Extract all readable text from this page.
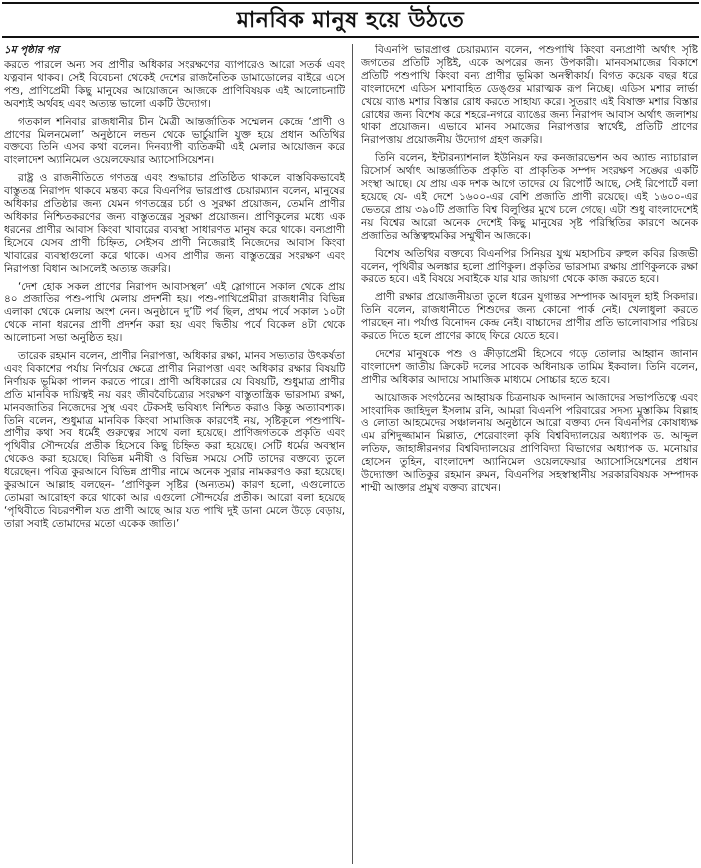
মানবিক মানুষ হয়ে উঠতে
১ম পৃষ্ঠার পর

করতে পারলে অন্য সব প্রাণীর অধিকার সংরক্ষণের ব্যাপারেও আরো সতর্ক এবং যত্নবান থাকব। সেই বিবেচনা থেকেই দেশের রাজনৈতিক ডামাডোলের বাইরে এসে পশু, প্রাণিপ্রেমী কিছু মানুষের আয়োজনে আজকে প্রাণিবিষয়ক এই আলোচনাটি অবশ্যই অর্থবহ এবং অত্যন্ত ভালো একটি উদ্যোগ।

গতকাল শনিবার রাজধানীর চীন মৈত্রী আন্তর্জাতিক সম্মেলন কেন্দ্রে ‘প্রাণী ও প্রাণের মিলনমেলা’ অনুষ্ঠানে লন্ডন থেকে ভার্চুয়ালি যুক্ত হয়ে প্রধান অতিথির বক্তব্যে তিনি এসব কথা বলেন। দিনব্যাপী ব্যতিক্রমী এই মেলার আয়োজন করে বাংলাদেশ অ্যানিমেল ওয়েলফেয়ার অ্যাসোসিয়েশন।

রাষ্ট্র ও রাজনীতিতে গণতন্ত্র এবং শুদ্ধাচার প্রতিষ্ঠিত থাকলে বাস্তবিকভাবেই বাস্তুতন্ত্র নিরাপদ থাকবে মন্তব্য করে বিএনপির ভারপ্রাপ্ত চেয়ারম্যান বলেন, মানুষের অধিকার প্রতিষ্ঠার জন্য যেমন গণতন্ত্রের চর্চা ও সুরক্ষা প্রয়োজন, তেমনি প্রাণীর অধিকার নিশ্চিতকরণের জন্য বাস্তুতন্ত্রের সুরক্ষা প্রয়োজন। প্রাণিকুলের মধ্যে এক ধরনের প্রাণীর আবাস কিংবা খাবারের ব্যবস্থা সাধারণত মানুষ করে থাকে। বন্যপ্রাণী হিসেবে যেসব প্রাণী চিহ্নিত, সেইসব প্রাণী নিজেরাই নিজেদের আবাস কিংবা খাবারের ব্যবস্থাগুলো করে থাকে। এসব প্রাণীর জন্য বাস্তুতন্ত্রের সংরক্ষণ এবং নিরাপত্তা বিধান আসলেই অত্যন্ত জরুরি।

‘দেশ হোক সকল প্রাণের নিরাপদ আবাসস্থল’ এই স্লোগানে সকাল থেকে প্রায় ৪০ প্রজাতির পশু-পাখি মেলায় প্রদর্শনী হয়। পশু-পাখিপ্রেমীরা রাজধানীর বিভিন্ন এলাকা থেকে মেলায় অংশ নেন। অনুষ্ঠানে দু’টি পর্ব ছিল, প্রথম পর্বে সকাল ১০টা থেকে নানা ধরনের প্রাণী প্রদর্শন করা হয় এবং দ্বিতীয় পর্বে বিকেল ৪টা থেকে আলোচনা সভা অনুষ্ঠিত হয়।

তারেক রহমান বলেন, প্রাণীর নিরাপত্তা, অধিকার রক্ষা, মানব সভ্যতার উৎকর্ষতা এবং বিকাশের পর্যায় নির্ণয়ের ক্ষেত্রে প্রাণীর নিরাপত্তা এবং অধিকার রক্ষার বিষয়টি নির্ণায়ক ভূমিকা পালন করতে পারে। প্রাণী অধিকারের যে বিষয়টি, শুধুমাত্র প্রাণীর প্রতি মানবিক দায়িত্বই নয় বরং জীববৈচিত্র্যের সংরক্ষণ বাস্তুতান্ত্রিক ভারসাম্য রক্ষা, মানবজাতির নিজেদের সুস্থ এবং টেকসই ভবিষ্যৎ নিশ্চিত করাও কিন্তু অত্যাবশ্যক। তিনি বলেন, শুধুমাত্র মানবিক কিংবা সামাজিক কারণেই নয়, সৃষ্টিকূলে পশুপাখি-প্রাণীর কথা সব ধর্মেই গুরুত্বের সাথে বলা হয়েছে। প্রাণিজগতকে প্রকৃতি এবং পৃথিবীর সৌন্দর্যের প্রতীক হিসেবে কিছু চিহ্নিত করা হয়েছে। সেটি ধর্মের অবস্থান থেকেও করা হয়েছে। বিভিন্ন মনীষী ও বিভিন্ন সময়ে সেটি তাদের বক্তব্যে তুলে ধরেছেন। পবিত্র কুরআনে বিভিন্ন প্রাণীর নামে অনেক সুরার নামকরণও করা হয়েছে। কুরআনে আল্লাহ বলছেন- ‘প্রাণিকুল সৃষ্টির (অন্যতম) কারণ হলো, এগুলোতে তোমরা আরোহণ করে থাকো আর এগুলো সৌন্দর্যের প্রতীক। আরো বলা হয়েছে ‘পৃথিবীতে বিচরণশীল যত প্রাণী আছে আর যত পাখি দুই ডানা মেলে উড়ে বেড়ায়, তারা সবাই তোমাদের মতো একেক জাতি।’

বিএনপি ভারপ্রাপ্ত চেয়ারম্যান বলেন, পশুপাখি কিংবা বন্যপ্রাণী অর্থাৎ সৃষ্টি জগতের প্রতিটি সৃষ্টিই, একে অপরের জন্য উপকারী। মানবসমাজের বিকাশে প্রতিটি পশুপাখি কিংবা বন্য প্রাণীর ভূমিকা অনস্বীকার্য। বিগত কয়েক বছর ধরে বাংলাদেশে এডিস মশাবাহিত ডেঙ্গুর মারাত্মক রূপ নিচ্ছে। এডিস মশার লার্ভা খেয়ে ব্যাঙ মশার বিস্তার রোধ করতে সাহায্য করে। সুতরাং এই বিষাক্ত মশার বিস্তার রোধের জন্য বিশেষ করে শহরে-নগরে ব্যাঙের জন্য নিরাপদ আবাস অর্থাৎ জলাশয় থাকা প্রয়োজন। এভাবে মানব সমাজের নিরাপত্তার স্বার্থেই, প্রতিটি প্রাণের নিরাপত্তায় প্রয়োজনীয় উদ্যোগ গ্রহণ জরুরি।

তিনি বলেন, ইন্টারন্যাশনাল ইউনিয়ন ফর কনজারভেশন অব অ্যান্ড ন্যাচারাল রিসোর্স অর্থাৎ আন্তর্জাতিক প্রকৃতি বা প্রাকৃতিক সম্পদ সংরক্ষণ সঙ্ঘের একটি সংস্থা আছে। যে প্রায় এক দশক আগে তাদের যে রিপোর্ট আছে, সেই রিপোর্টে বলা হয়েছে যে- এই দেশে ১৬০০-এর বেশি প্রজাতি প্রাণী রয়েছে। এই ১৬০০-এর ভেতরে প্রায় ৩৯০টি প্রজাতি বিশ্ব বিলুপ্তির মুখে চলে গেছে। এটা শুধু বাংলাদেশেই নয় বিশ্বের আরো অনেক দেশেই কিছু মানুষের সৃষ্ট পরিস্থিতির কারণে অনেক প্রজাতির অস্তিত্বহুমকির সম্মুখীন আজকে।

বিশেষ অতিথির বক্তব্যে বিএনপির সিনিয়র যুগ্ম মহাসচিব রুহুল কবির রিজভী বলেন, পৃথিবীর অলঙ্কার হলো প্রাণিকুল। প্রকৃতির ভারসাম্য রক্ষায় প্রাণিকুলকে রক্ষা করতে হবে। এই বিষয়ে সবাইকে যার যার জায়গা থেকে কাজ করতে হবে।

প্রাণী রক্ষার প্রয়োজনীয়তা তুলে ধরেন যুগান্তর সম্পাদক আবদুল হাই সিকদার। তিনি বলেন, রাজধানীতে শিশুদের জন্য কোনো পার্ক নেই। খেলাধুলা করতে পারছেন না। পর্যাপ্ত বিনোদন কেন্দ্র নেই। বাচ্চাদের প্রাণীর প্রতি ভালোবাসার পরিচয় করতে দিতে হলে প্রাণের কাছে ফিরে যেতে হবে।

দেশের মানুষকে পশু ও ক্রীড়াপ্রেমী হিসেবে গড়ে তোলার আহ্বান জানান বাংলাদেশ জাতীয় ক্রিকেট দলের সাবেক অধিনায়ক তামিম ইকবাল। তিনি বলেন, প্রাণীর অধিকার আদায়ে সামাজিক মাধ্যমে সোচ্চার হতে হবে।

আয়োজক সংগঠনের আহ্বায়ক চিত্রনায়ক আদনান আজাদের সভাপতিত্বে এবং সাংবাদিক জাহিদুল ইসলাম রনি, আমরা বিএনপি পরিবারের সদস্য মুস্তাকিম বিল্লাহ ও লোতা আহমেদের সঞ্চালনায় অনুষ্ঠানে আরো বক্তব্য দেন বিএনপির কোষাধ্যক্ষ এম রশিদুজ্জামান মিল্লাত, শেরেবাংলা কৃষি বিশ্ববিদ্যালয়ের অধ্যাপক ড. আব্দুল লতিফ, জাহাঙ্গীরনগর বিশ্ববিদ্যালয়ের প্রাণিবিদ্যা বিভাগের অধ্যাপক ড. মনোয়ার হোসেন তুহিন, বাংলাদেশ অ্যানিমেল ওয়েলফেয়ার অ্যাসোসিয়েশনের প্রধান উদ্যোক্তা আতিকুর রহমান রুমন, বিএনপির সহস্বাস্থানীয় সরকারবিষয়ক সম্পাদক শাম্মী আক্তার প্রমুখ বক্তব্য রাখেন।
